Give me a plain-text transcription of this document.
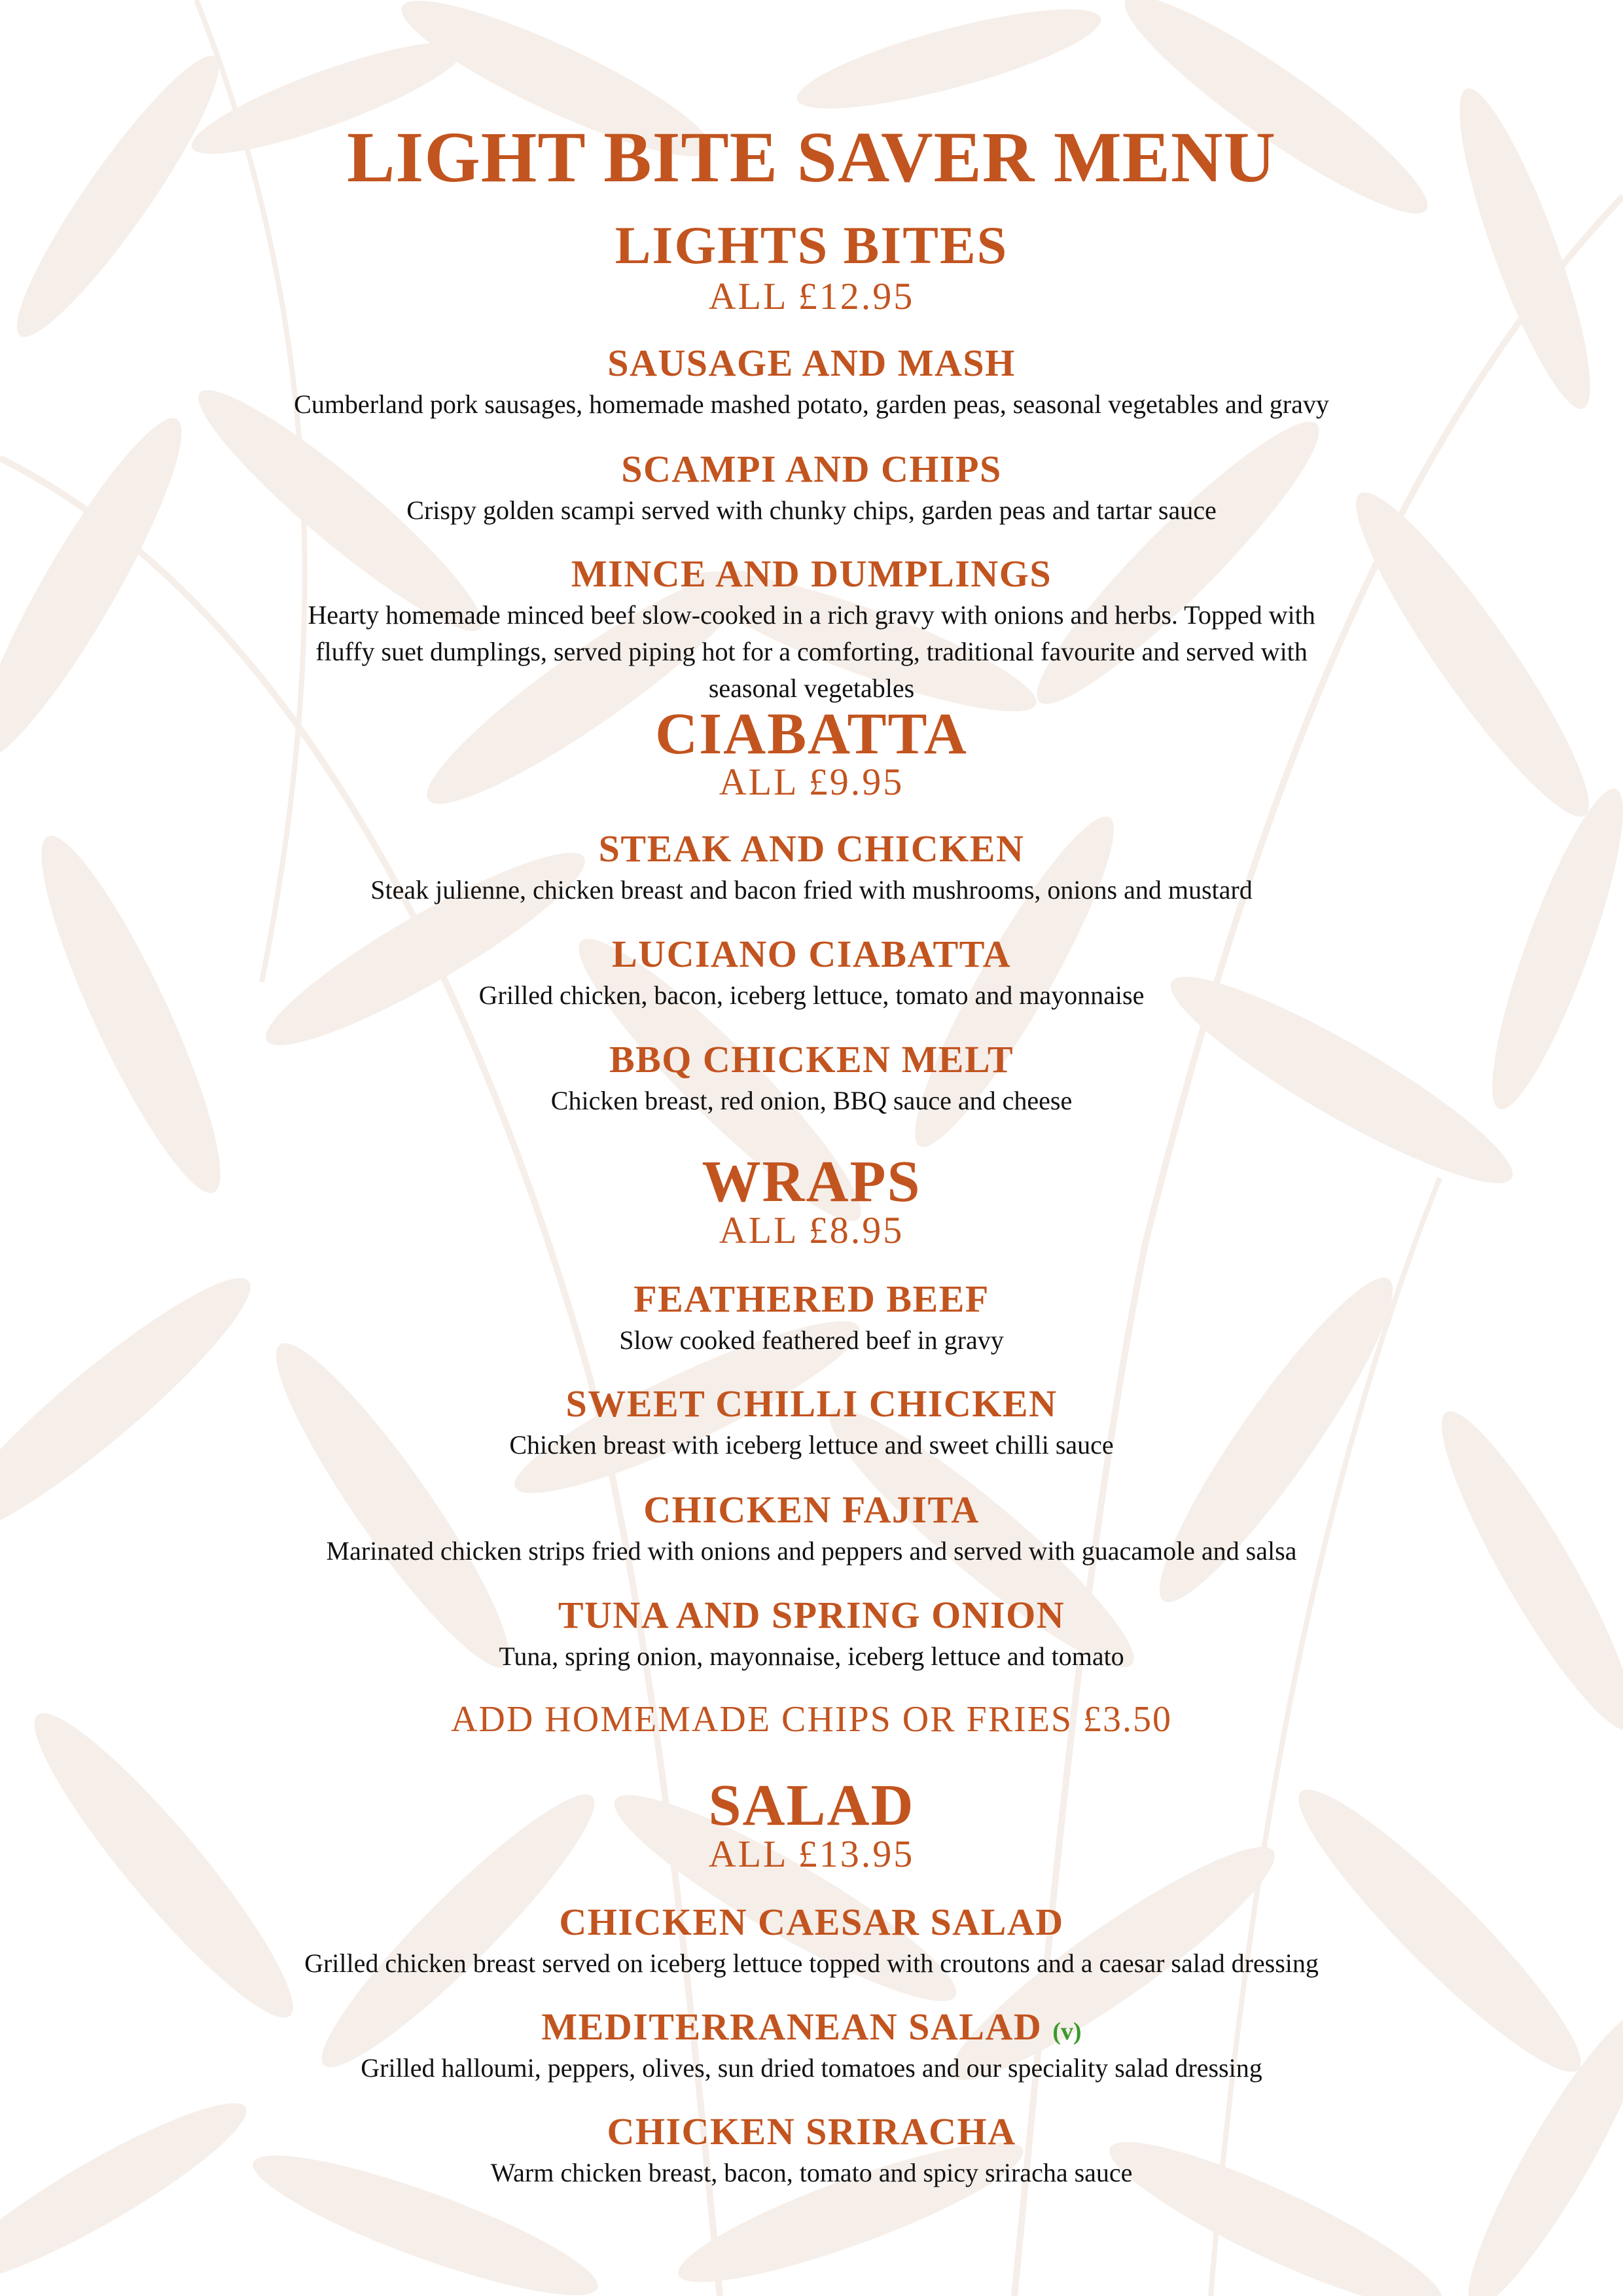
LIGHT BITE SAVER MENU
LIGHTS BITES
ALL £12.95
SAUSAGE AND MASH
Cumberland pork sausages, homemade mashed potato, garden peas, seasonal vegetables and gravy
SCAMPI AND CHIPS
Crispy golden scampi served with chunky chips, garden peas and tartar sauce
MINCE AND DUMPLINGS
Hearty homemade minced beef slow-cooked in a rich gravy with onions and herbs. Topped with fluffy suet dumplings, served piping hot for a comforting, traditional favourite and served with seasonal vegetables
CIABATTA
ALL £9.95
STEAK AND CHICKEN
Steak julienne, chicken breast and bacon fried with mushrooms, onions and mustard
LUCIANO CIABATTA
Grilled chicken, bacon, iceberg lettuce, tomato and mayonnaise
BBQ CHICKEN MELT
Chicken breast, red onion, BBQ sauce and cheese
WRAPS
ALL £8.95
FEATHERED BEEF
Slow cooked feathered beef in gravy
SWEET CHILLI CHICKEN
Chicken breast with iceberg lettuce and sweet chilli sauce
CHICKEN FAJITA
Marinated chicken strips fried with onions and peppers and served with guacamole and salsa
TUNA AND SPRING ONION
Tuna, spring onion, mayonnaise, iceberg lettuce and tomato
ADD HOMEMADE CHIPS OR FRIES £3.50
SALAD
ALL £13.95
CHICKEN CAESAR SALAD
Grilled chicken breast served on iceberg lettuce topped with croutons and a caesar salad dressing
MEDITERRANEAN SALAD (v)
Grilled halloumi, peppers, olives, sun dried tomatoes and our speciality salad dressing
CHICKEN SRIRACHA
Warm chicken breast, bacon, tomato and spicy sriracha sauce
